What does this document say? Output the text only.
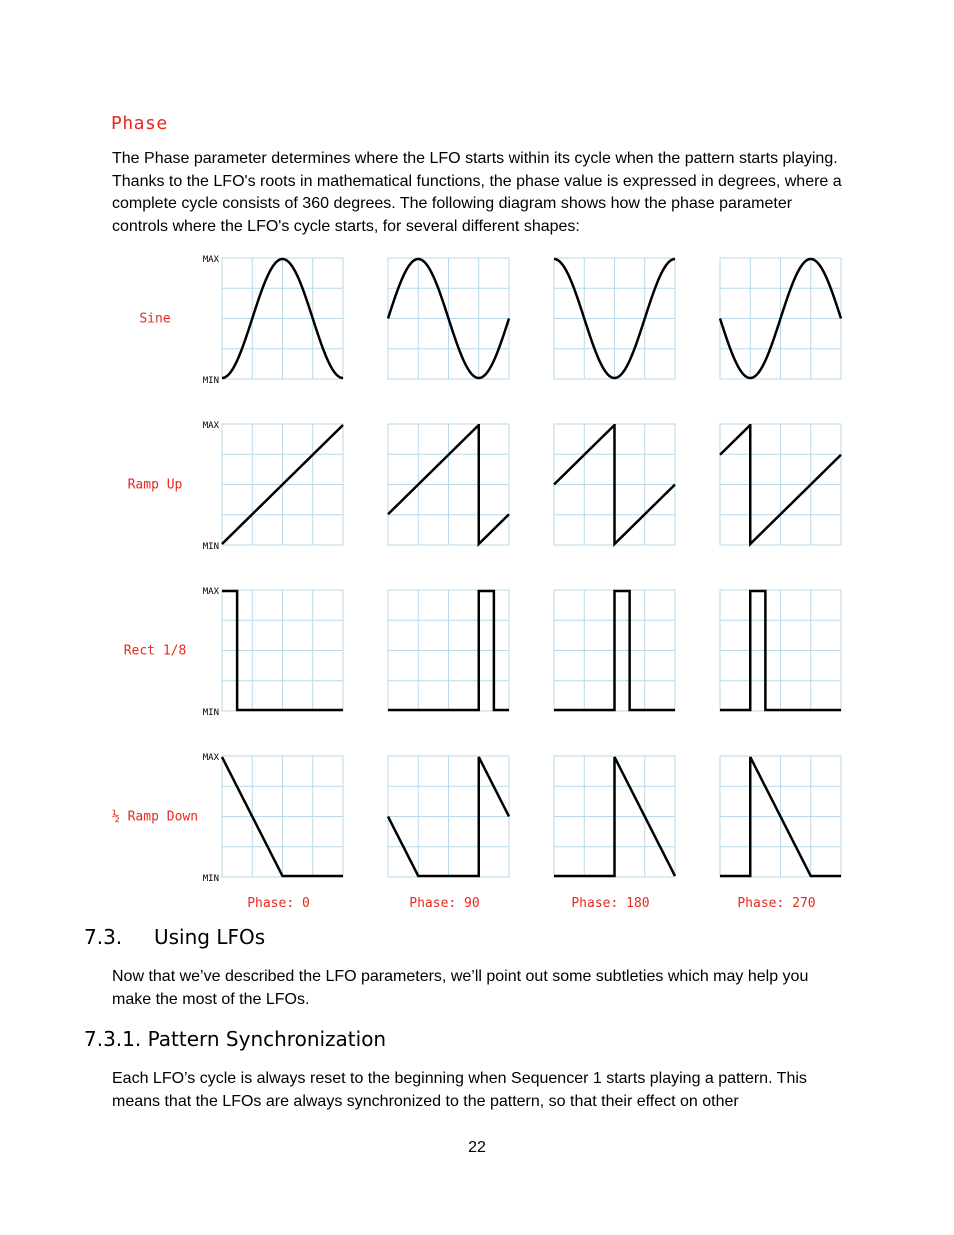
Phase
The Phase parameter determines where the LFO starts within its cycle when the pattern starts playing. Thanks to the LFO's roots in mathematical functions, the phase value is expressed in degrees, where a complete cycle consists of 360 degrees. The following diagram shows how the phase parameter controls where the LFO's cycle starts, for several different shapes:
Sine
MAX
MIN
Ramp Up
MAX
MIN
Rect 1/8
MAX
MIN
½ Ramp Down
MAX
MIN
Phase: 0	Phase: 90	Phase: 180	Phase: 270
7.3. Using LFOs
Now that we’ve described the LFO parameters, we’ll point out some subtleties which may help you make the most of the LFOs.
7.3.1. Pattern Synchronization
Each LFO’s cycle is always reset to the beginning when Sequencer 1 starts playing a pattern. This means that the LFOs are always synchronized to the pattern, so that their effect on other
22
